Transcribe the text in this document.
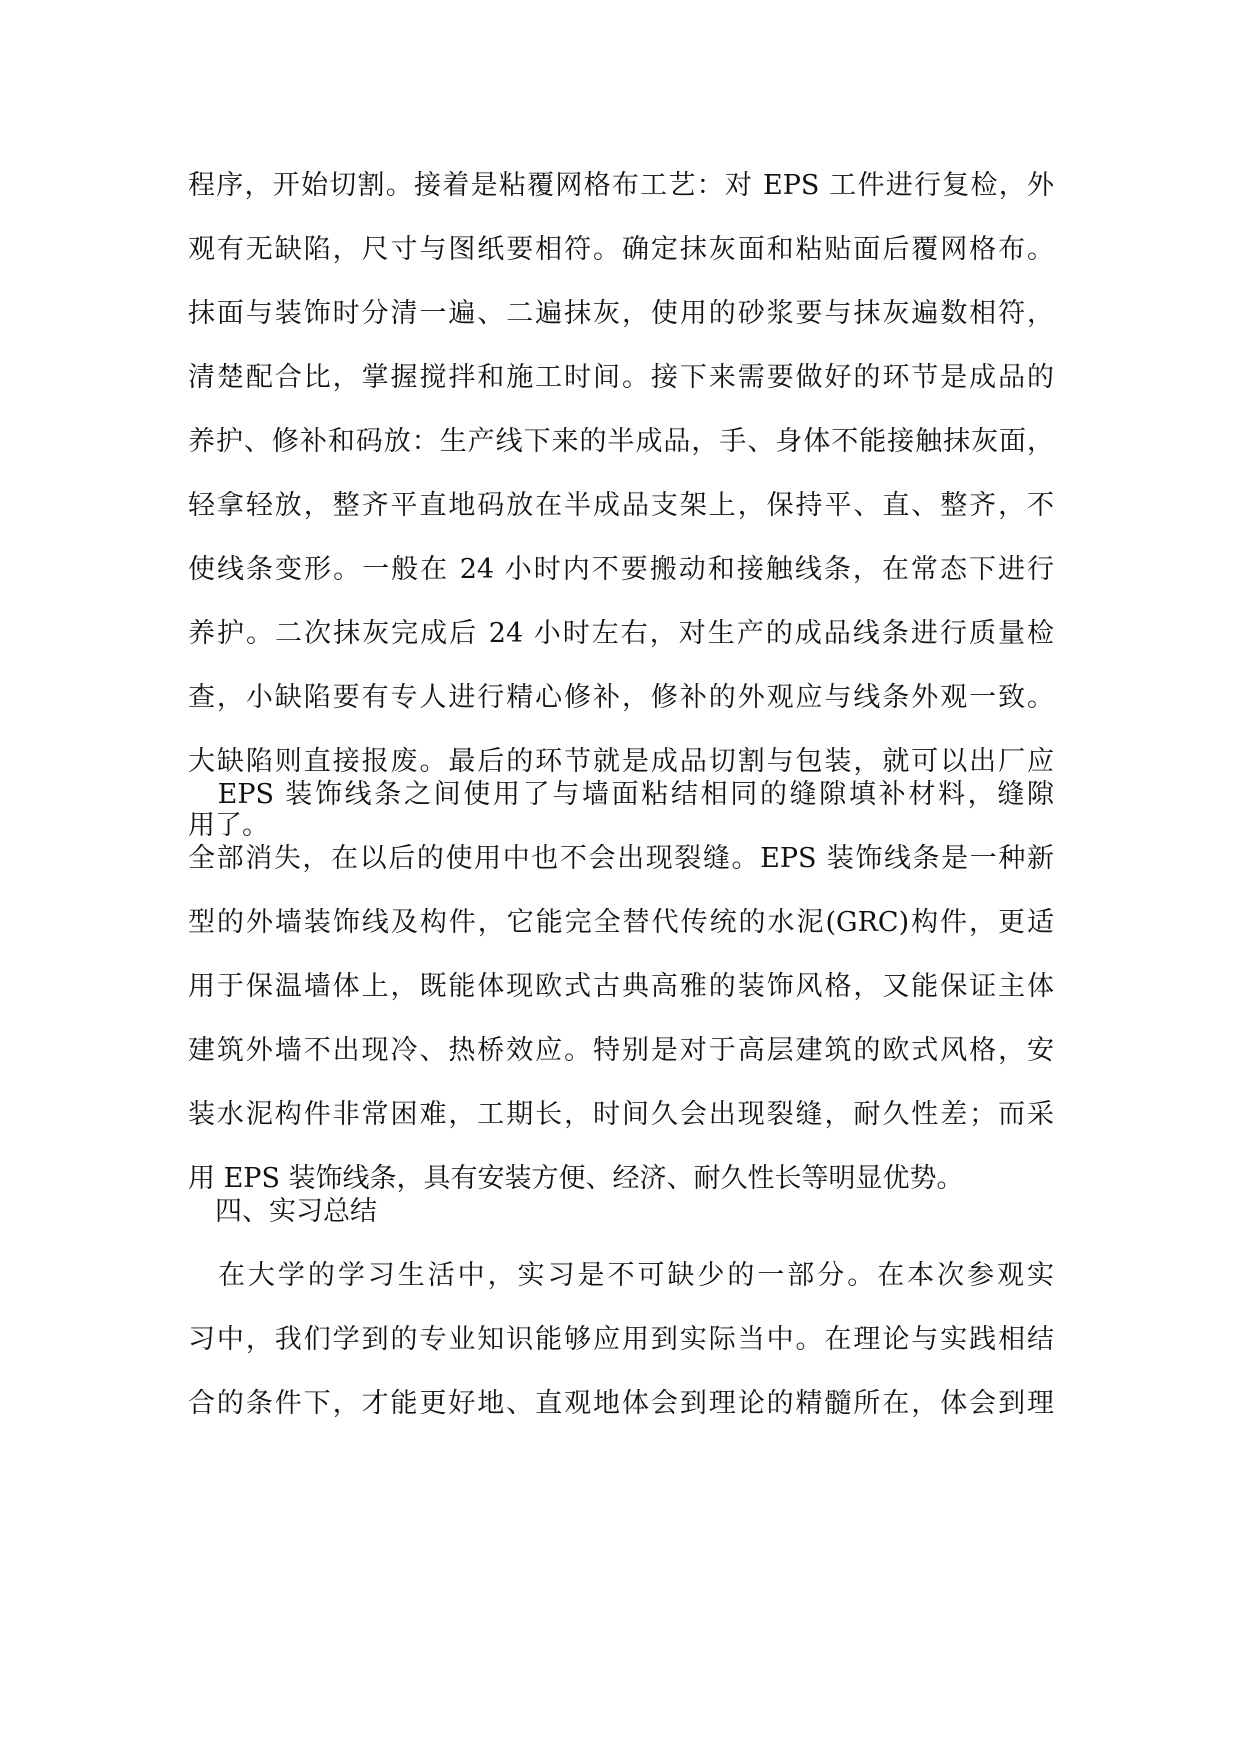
程序，开始切割。接着是粘覆网格布工艺：对 EPS 工件进行复检，外
观有无缺陷，尺寸与图纸要相符。确定抹灰面和粘贴面后覆网格布。
抹面与装饰时分清一遍、二遍抹灰，使用的砂浆要与抹灰遍数相符，
清楚配合比，掌握搅拌和施工时间。接下来需要做好的环节是成品的
养护、修补和码放：生产线下来的半成品，手、身体不能接触抹灰面，
轻拿轻放，整齐平直地码放在半成品支架上，保持平、直、整齐，不
使线条变形。一般在 24 小时内不要搬动和接触线条，在常态下进行
养护。二次抹灰完成后 24 小时左右，对生产的成品线条进行质量检
查，小缺陷要有专人进行精心修补，修补的外观应与线条外观一致。
大缺陷则直接报废。最后的环节就是成品切割与包装，就可以出厂应
用了。
　EPS 装饰线条之间使用了与墙面粘结相同的缝隙填补材料，缝隙
全部消失，在以后的使用中也不会出现裂缝。EPS 装饰线条是一种新
型的外墙装饰线及构件，它能完全替代传统的水泥(GRC)构件，更适
用于保温墙体上，既能体现欧式古典高雅的装饰风格，又能保证主体
建筑外墙不出现冷、热桥效应。特别是对于高层建筑的欧式风格，安
装水泥构件非常困难，工期长，时间久会出现裂缝，耐久性差；而采
用 EPS 装饰线条，具有安装方便、经济、耐久性长等明显优势。
　四、实习总结
　在大学的学习生活中，实习是不可缺少的一部分。在本次参观实
习中，我们学到的专业知识能够应用到实际当中。在理论与实践相结
合的条件下，才能更好地、直观地体会到理论的精髓所在，体会到理
